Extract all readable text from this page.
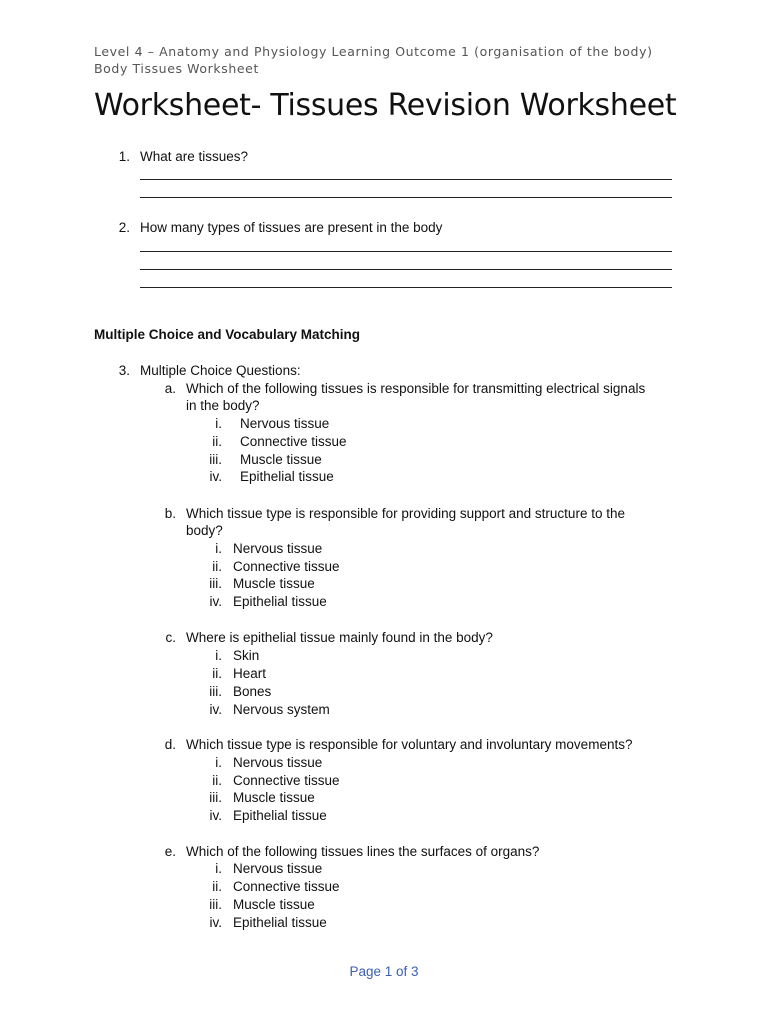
Level 4 – Anatomy and Physiology Learning Outcome 1 (organisation of the body)
Body Tissues Worksheet
Worksheet- Tissues Revision Worksheet
1. What are tissues?
2. How many types of tissues are present in the body
Multiple Choice and Vocabulary Matching
3. Multiple Choice Questions:
a. Which of the following tissues is responsible for transmitting electrical signals
in the body?
i. Nervous tissue
ii. Connective tissue
iii. Muscle tissue
iv. Epithelial tissue
b. Which tissue type is responsible for providing support and structure to the
body?
i. Nervous tissue
ii. Connective tissue
iii. Muscle tissue
iv. Epithelial tissue
c. Where is epithelial tissue mainly found in the body?
i. Skin
ii. Heart
iii. Bones
iv. Nervous system
d. Which tissue type is responsible for voluntary and involuntary movements?
i. Nervous tissue
ii. Connective tissue
iii. Muscle tissue
iv. Epithelial tissue
e. Which of the following tissues lines the surfaces of organs?
i. Nervous tissue
ii. Connective tissue
iii. Muscle tissue
iv. Epithelial tissue
Page 1 of 3
